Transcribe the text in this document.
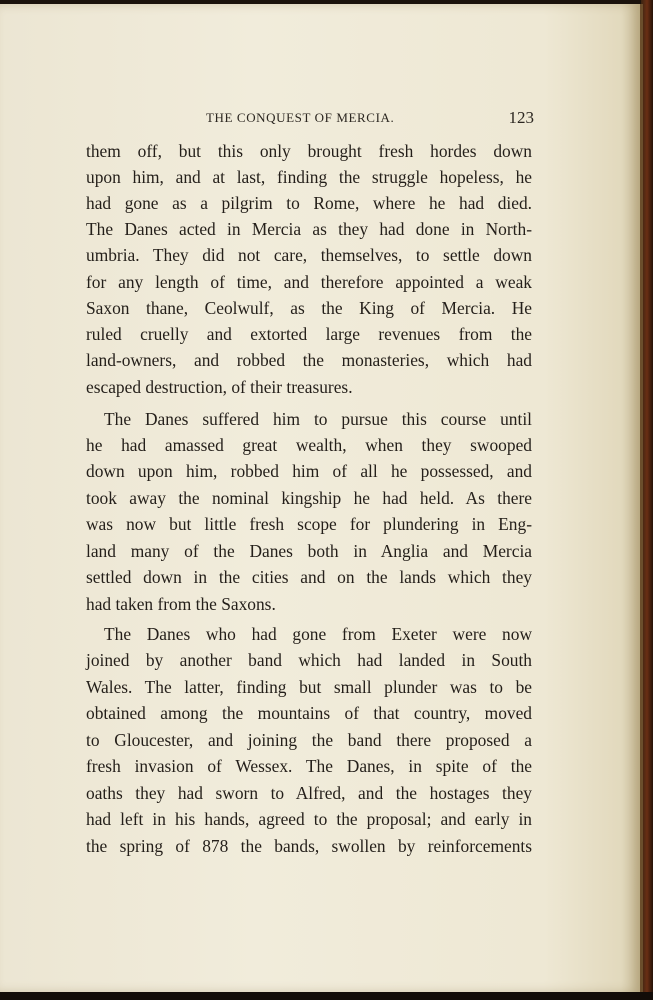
THE CONQUEST OF MERCIA.	123
them off, but this only brought fresh hordes down
upon him, and at last, finding the struggle hopeless, he
had gone as a pilgrim to Rome, where he had died.
The Danes acted in Mercia as they had done in North-
umbria. They did not care, themselves, to settle down
for any length of time, and therefore appointed a weak
Saxon thane, Ceolwulf, as the King of Mercia. He
ruled cruelly and extorted large revenues from the
land-owners, and robbed the monasteries, which had
escaped destruction, of their treasures.
The Danes suffered him to pursue this course until
he had amassed great wealth, when they swooped
down upon him, robbed him of all he possessed, and
took away the nominal kingship he had held. As there
was now but little fresh scope for plundering in Eng-
land many of the Danes both in Anglia and Mercia
settled down in the cities and on the lands which they
had taken from the Saxons.
The Danes who had gone from Exeter were now
joined by another band which had landed in South
Wales. The latter, finding but small plunder was to be
obtained among the mountains of that country, moved
to Gloucester, and joining the band there proposed a
fresh invasion of Wessex. The Danes, in spite of the
oaths they had sworn to Alfred, and the hostages they
had left in his hands, agreed to the proposal; and early in
the spring of 878 the bands, swollen by reinforcements
